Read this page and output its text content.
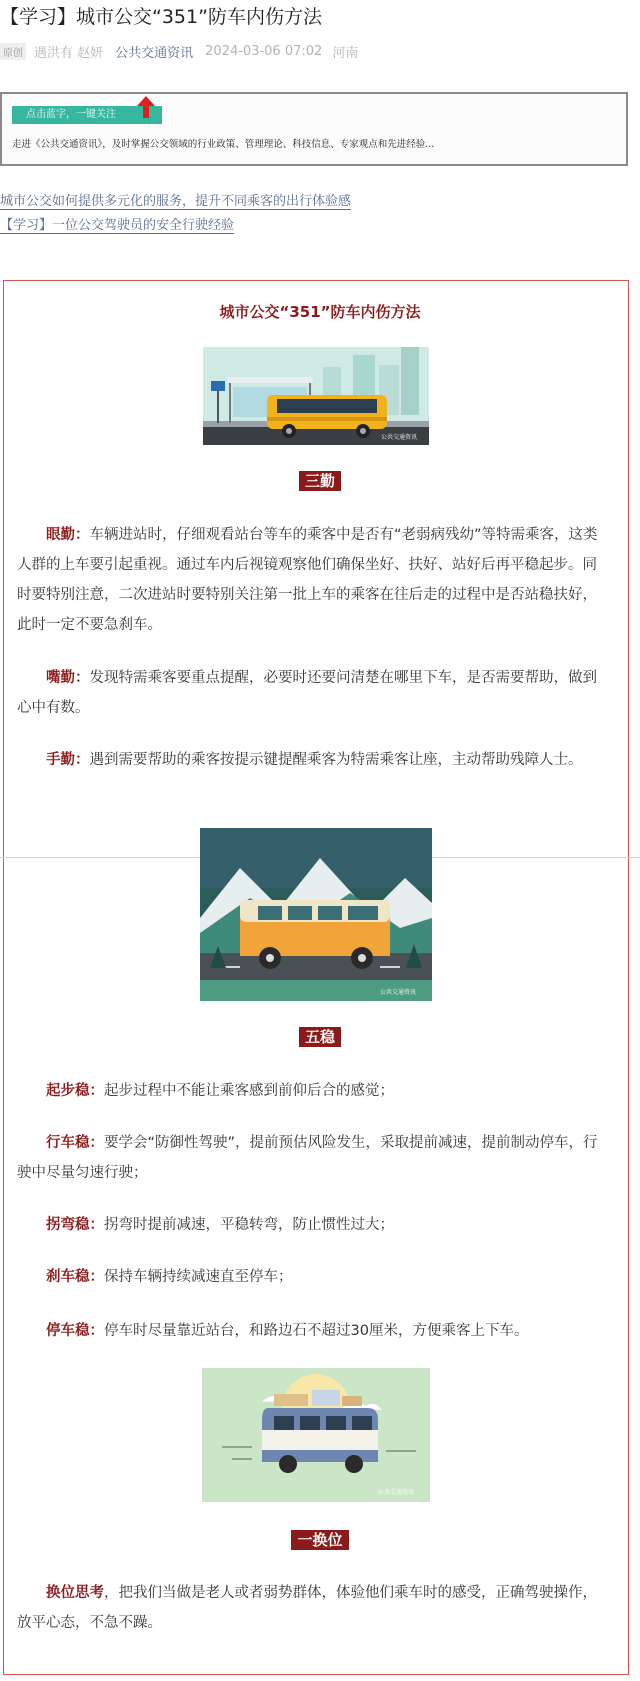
【学习】城市公交“351”防车内伤方法
原创 遇洪有 赵妍 公共交通资讯 2024-03-06 07:02 河南
点击蓝字，一键关注
走进《公共交通资讯》，及时掌握公交领域的行业政策、管理理论、科技信息、专家观点和先进经验...
城市公交如何提供多元化的服务，提升不同乘客的出行体验感
【学习】一位公交驾驶员的安全行驶经验
城市公交“351”防车内伤方法
公共交通资讯
三勤
眼勤：车辆进站时，仔细观看站台等车的乘客中是否有“老弱病残幼”等特需乘客，这类人群的上车要引起重视。通过车内后视镜观察他们确保坐好、扶好、站好后再平稳起步。同时要特别注意，二次进站时要特别关注第一批上车的乘客在往后走的过程中是否站稳扶好，此时一定不要急刹车。
嘴勤：发现特需乘客要重点提醒，必要时还要问清楚在哪里下车，是否需要帮助，做到心中有数。
手勤：遇到需要帮助的乘客按提示键提醒乘客为特需乘客让座，主动帮助残障人士。
公共交通资讯
五稳
起步稳：起步过程中不能让乘客感到前仰后合的感觉；
行车稳：要学会“防御性驾驶”，提前预估风险发生，采取提前减速，提前制动停车，行驶中尽量匀速行驶；
拐弯稳：拐弯时提前减速，平稳转弯，防止惯性过大；
刹车稳：保持车辆持续减速直至停车；
停车稳：停车时尽量靠近站台，和路边石不超过30厘米，方便乘客上下车。
公共交通资讯
一换位
换位思考，把我们当做是老人或者弱势群体，体验他们乘车时的感受，正确驾驶操作，放平心态，不急不躁。
